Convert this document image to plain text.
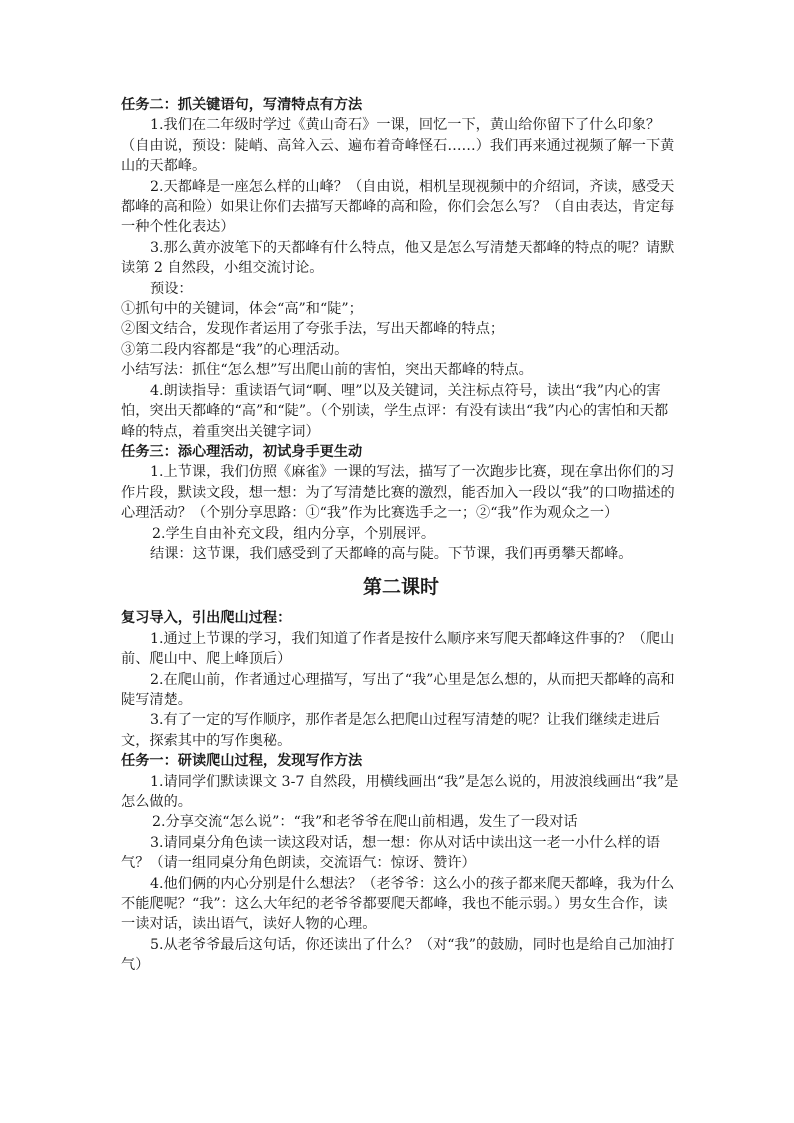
任务二：抓关键语句，写清特点有方法

1.我们在二年级时学过《黄山奇石》一课，回忆一下，黄山给你留下了什么印象？（自由说，预设：陡峭、高耸入云、遍布着奇峰怪石……）我们再来通过视频了解一下黄山的天都峰。

2.天都峰是一座怎么样的山峰？（自由说，相机呈现视频中的介绍词，齐读，感受天都峰的高和险）如果让你们去描写天都峰的高和险，你们会怎么写？（自由表达，肯定每一种个性化表达）

3.那么黄亦波笔下的天都峰有什么特点，他又是怎么写清楚天都峰的特点的呢？请默读第 2 自然段，小组交流讨论。

预设：

①抓句中的关键词，体会“高”和“陡”；

②图文结合，发现作者运用了夸张手法，写出天都峰的特点；

③第二段内容都是“我”的心理活动。

小结写法：抓住“怎么想”写出爬山前的害怕，突出天都峰的特点。

4.朗读指导：重读语气词“啊、哩”以及关键词，关注标点符号，读出“我”内心的害怕，突出天都峰的“高”和“陡”。（个别读，学生点评：有没有读出“我”内心的害怕和天都峰的特点，着重突出关键字词）

任务三：添心理活动，初试身手更生动

1.上节课，我们仿照《麻雀》一课的写法，描写了一次跑步比赛，现在拿出你们的习作片段，默读文段，想一想：为了写清楚比赛的激烈，能否加入一段以“我”的口吻描述的心理活动？（个别分享思路：①“我”作为比赛选手之一；②“我”作为观众之一）

2.学生自由补充文段，组内分享，个别展评。

结课：这节课，我们感受到了天都峰的高与陡。下节课，我们再勇攀天都峰。

第二课时

复习导入，引出爬山过程：

1.通过上节课的学习，我们知道了作者是按什么顺序来写爬天都峰这件事的？（爬山前、爬山中、爬上峰顶后）

2.在爬山前，作者通过心理描写，写出了“我”心里是怎么想的，从而把天都峰的高和陡写清楚。

3.有了一定的写作顺序，那作者是怎么把爬山过程写清楚的呢？让我们继续走进后文，探索其中的写作奥秘。

任务一：研读爬山过程，发现写作方法

1.请同学们默读课文 3-7 自然段，用横线画出“我”是怎么说的，用波浪线画出“我”是怎么做的。

2.分享交流“怎么说”：“我”和老爷爷在爬山前相遇，发生了一段对话

3.请同桌分角色读一读这段对话，想一想：你从对话中读出这一老一小什么样的语气？（请一组同桌分角色朗读，交流语气：惊讶、赞许）

4.他们俩的内心分别是什么想法？（老爷爷：这么小的孩子都来爬天都峰，我为什么不能爬呢？“我”：这么大年纪的老爷爷都要爬天都峰，我也不能示弱。）男女生合作，读一读对话，读出语气，读好人物的心理。

5.从老爷爷最后这句话，你还读出了什么？（对“我”的鼓励，同时也是给自己加油打气）
